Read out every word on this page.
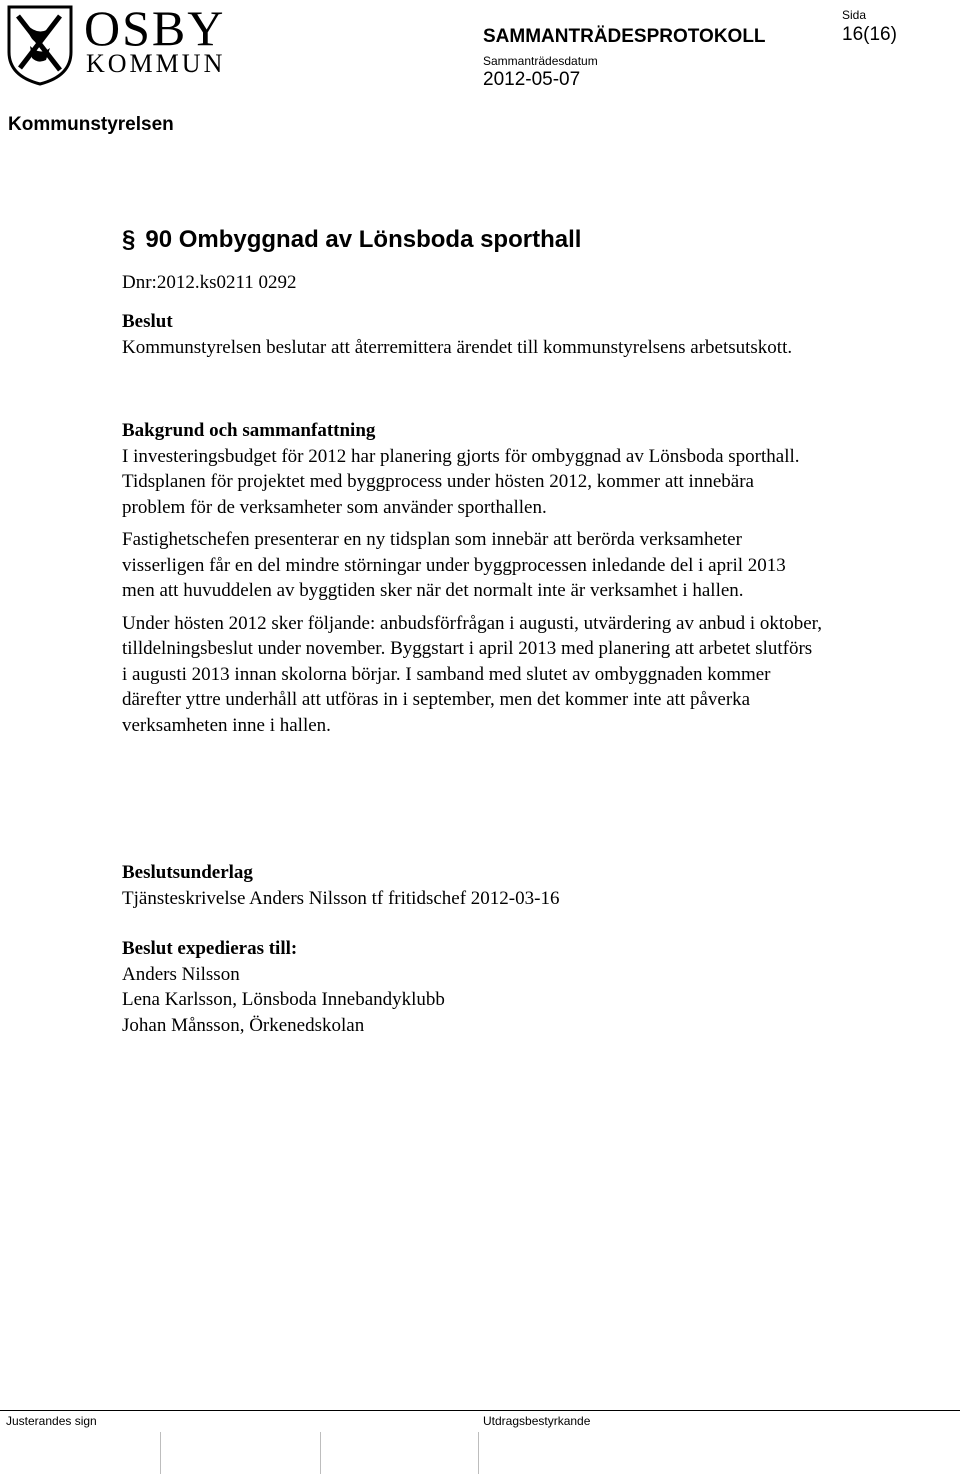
OSBY
KOMMUN
SAMMANTRÄDESPROTOKOLL
Sammanträdesdatum
2012-05-07
Sida
16(16)
Kommunstyrelsen
§ 90 Ombyggnad av Lönsboda sporthall
Dnr:2012.ks0211 0292

Beslut

Kommunstyrelsen beslutar att återremittera ärendet till kommunstyrelsens arbetsutskott.

Bakgrund och sammanfattning

I investeringsbudget för 2012 har planering gjorts för ombyggnad av Lönsboda sporthall. Tidsplanen för projektet med byggprocess under hösten 2012, kommer att innebära problem för de verksamheter som använder sporthallen.

Fastighetschefen presenterar en ny tidsplan som innebär att berörda verksamheter visserligen får en del mindre störningar under byggprocessen inledande del i april 2013 men att huvuddelen av byggtiden sker när det normalt inte är verksamhet i hallen.

Under hösten 2012 sker följande: anbudsförfrågan i augusti, utvärdering av anbud i oktober, tilldelningsbeslut under november. Byggstart i april 2013 med planering att arbetet slutförs i augusti 2013 innan skolorna börjar. I samband med slutet av ombyggnaden kommer därefter yttre underhåll att utföras in i september, men det kommer inte att påverka verksamheten inne i hallen.

Beslutsunderlag

Tjänsteskrivelse Anders Nilsson tf fritidschef 2012-03-16

Beslut expedieras till:

Anders Nilsson

Lena Karlsson, Lönsboda Innebandyklubb

Johan Månsson, Örkenedskolan

Justerandes sign	Utdragsbestyrkande
